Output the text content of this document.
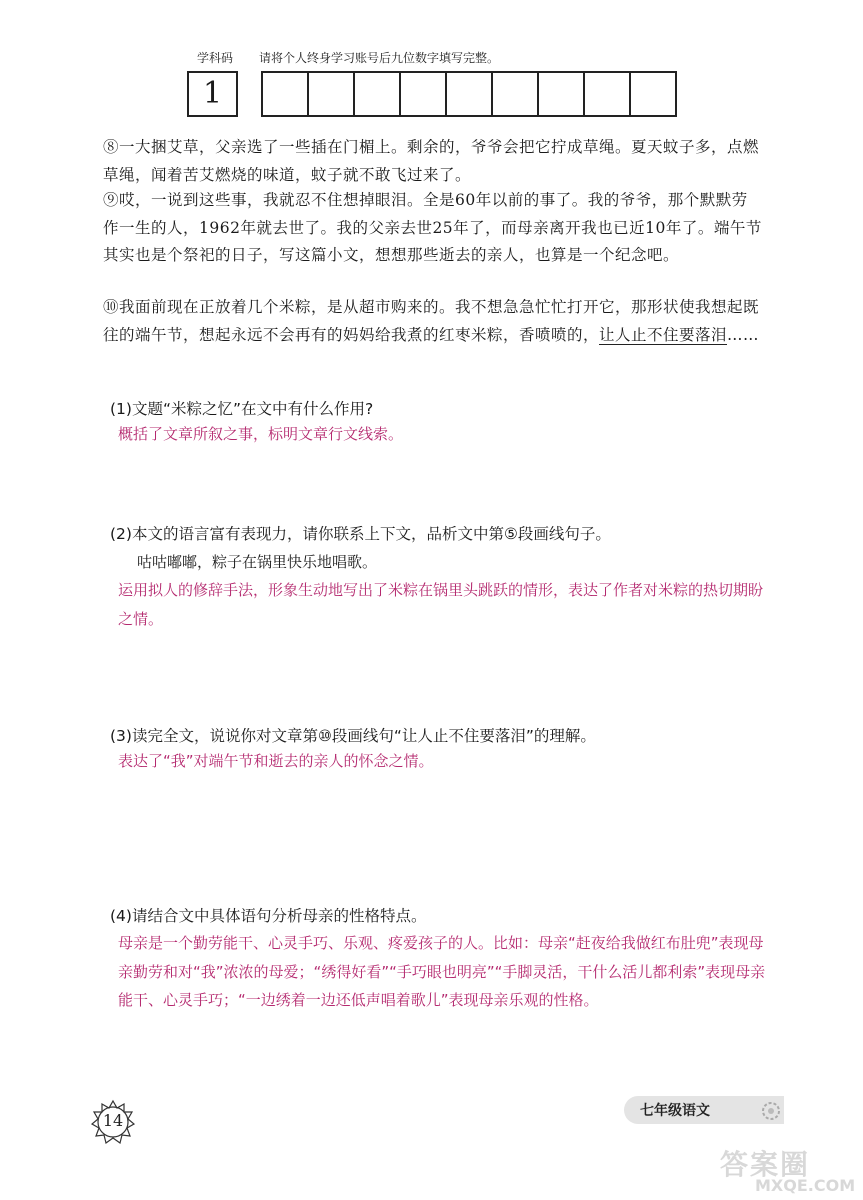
学科码 请将个人终身学习账号后九位数字填写完整。
1

⑧一大捆艾草，父亲选了一些插在门楣上。剩余的，爷爷会把它拧成草绳。夏天蚊子多，点燃草绳，闻着苦艾燃烧的味道，蚊子就不敢飞过来了。

⑨哎，一说到这些事，我就忍不住想掉眼泪。全是60年以前的事了。我的爷爷，那个默默劳作一生的人，1962年就去世了。我的父亲去世25年了，而母亲离开我也已近10年了。端午节其实也是个祭祀的日子，写这篇小文，想想那些逝去的亲人，也算是一个纪念吧。

⑩我面前现在正放着几个米粽，是从超市购来的。我不想急急忙忙打开它，那形状使我想起既往的端午节，想起永远不会再有的妈妈给我煮的红枣米粽，香喷喷的，让人止不住要落泪……

(1)文题“米粽之忆”在文中有什么作用?

概括了文章所叙之事，标明文章行文线索。

(2)本文的语言富有表现力，请你联系上下文，品析文中第⑤段画线句子。

咕咕嘟嘟，粽子在锅里快乐地唱歌。

运用拟人的修辞手法，形象生动地写出了米粽在锅里头跳跃的情形，表达了作者对米粽的热切期盼之情。

(3)读完全文，说说你对文章第⑩段画线句“让人止不住要落泪”的理解。

表达了“我”对端午节和逝去的亲人的怀念之情。

(4)请结合文中具体语句分析母亲的性格特点。

母亲是一个勤劳能干、心灵手巧、乐观、疼爱孩子的人。比如：母亲“赶夜给我做红布肚兜”表现母亲勤劳和对“我”浓浓的母爱；“绣得好看”“手巧眼也明亮”“手脚灵活，干什么活儿都利索”表现母亲能干、心灵手巧；“一边绣着一边还低声唱着歌儿”表现母亲乐观的性格。

14	七年级语文
答案圈
MXQE.COM
